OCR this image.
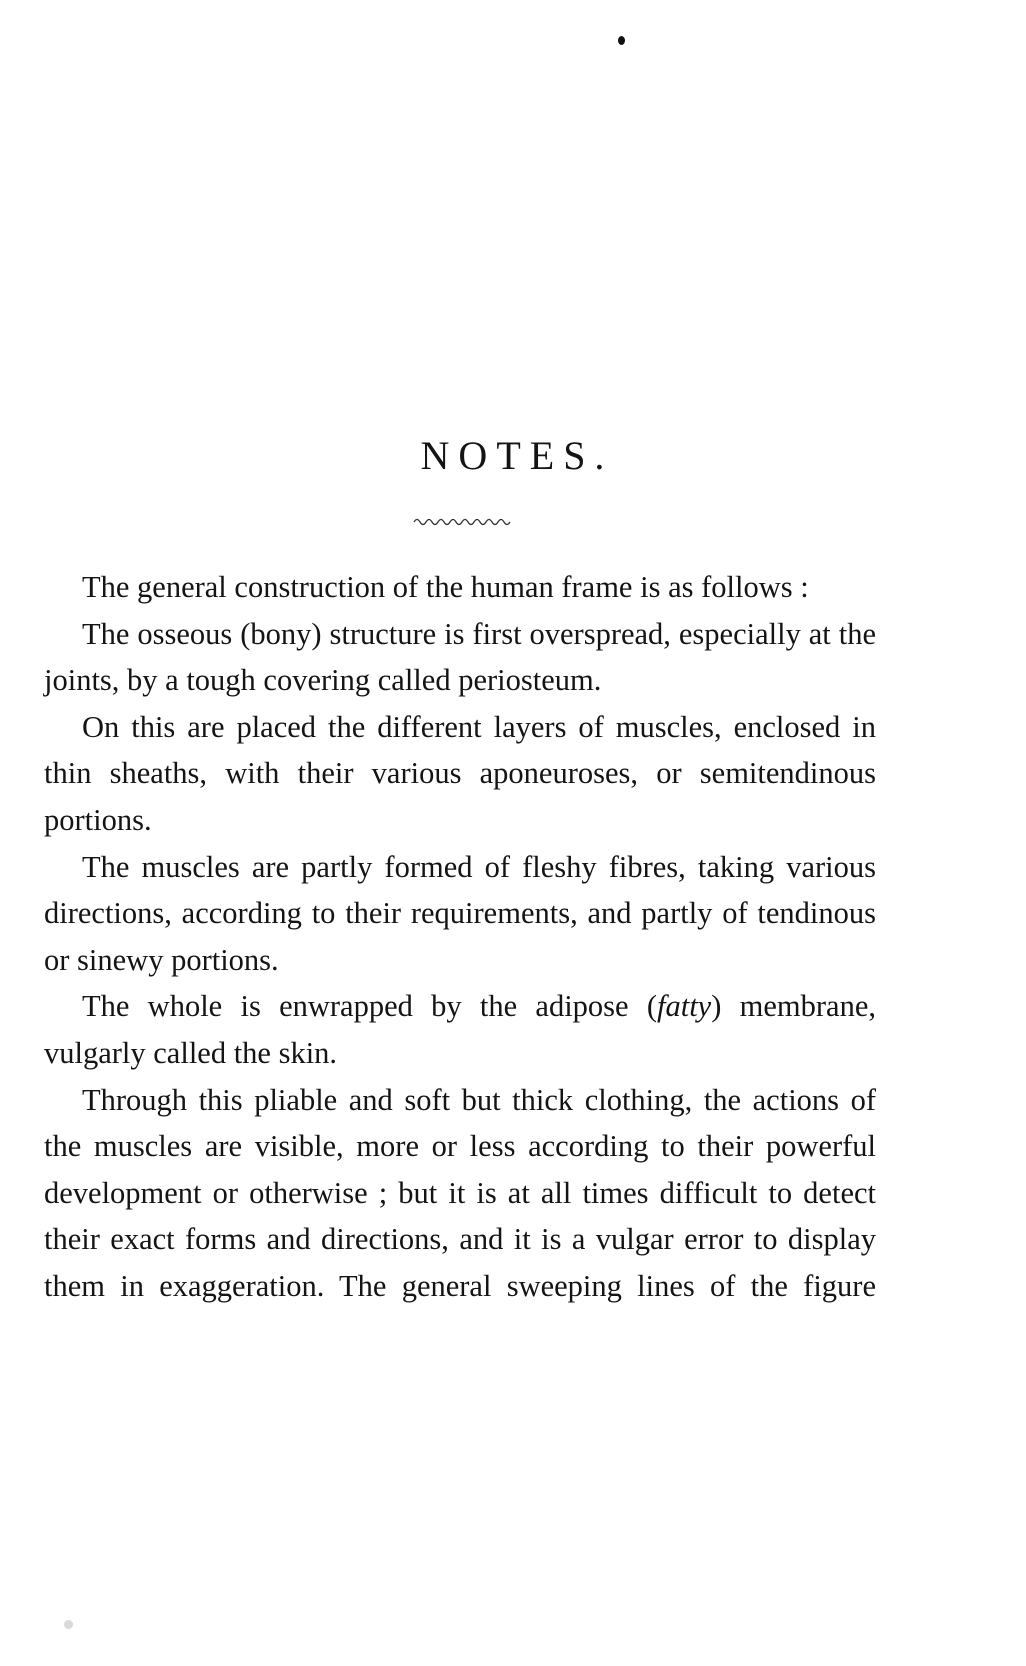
NOTES.

The general construction of the human frame is as follows :

The osseous (bony) structure is first overspread, especially at the joints, by a tough covering called periosteum.

On this are placed the different layers of muscles, enclosed in thin sheaths, with their various aponeuroses, or semitendinous portions.

The muscles are partly formed of fleshy fibres, taking various directions, according to their requirements, and partly of tendinous or sinewy portions.

The whole is enwrapped by the adipose (fatty) membrane, vulgarly called the skin.

Through this pliable and soft but thick clothing, the actions of the muscles are visible, more or less according to their powerful development or otherwise ; but it is at all times difficult to detect their exact forms and directions, and it is a vulgar error to display them in exaggeration. The general sweeping lines of the figure
